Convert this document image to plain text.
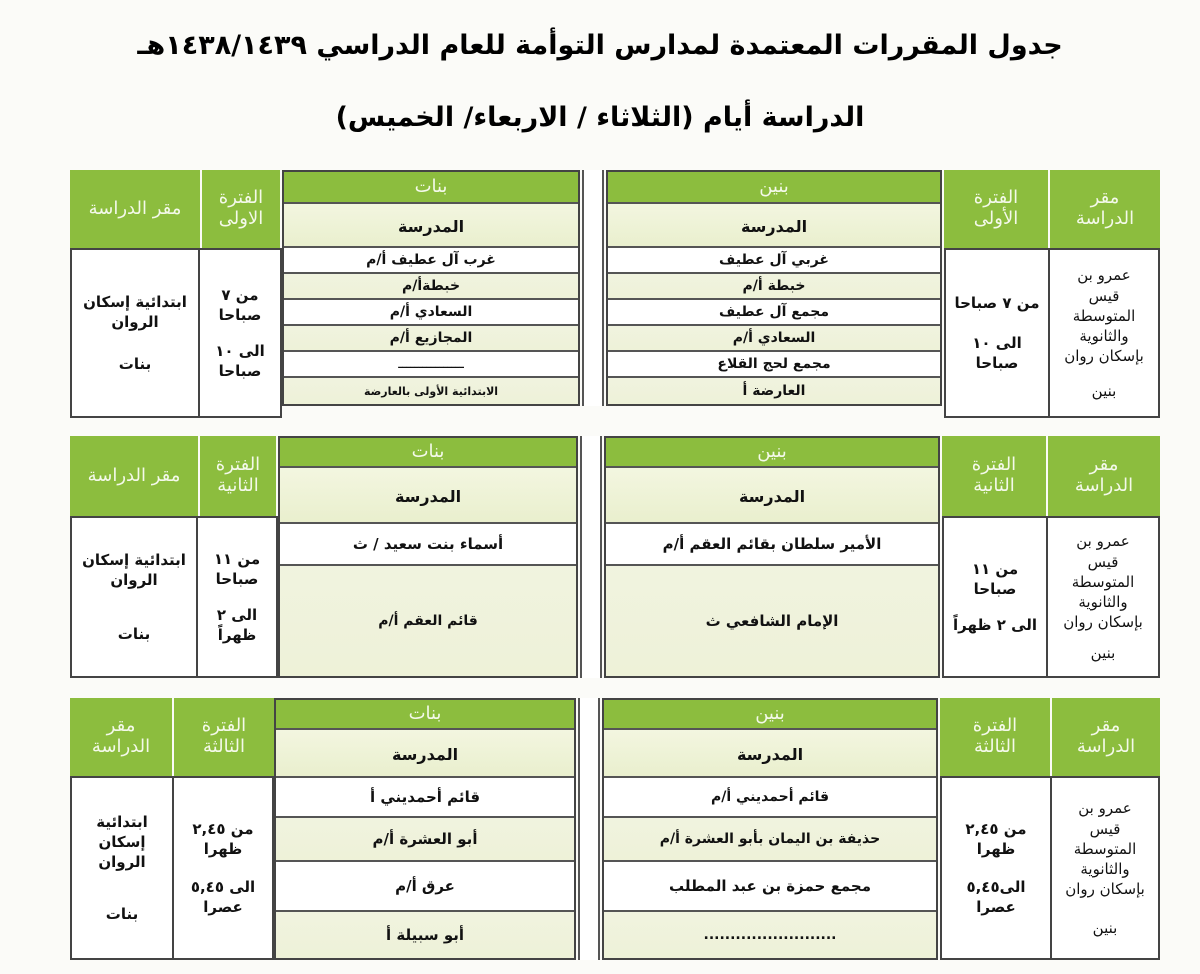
جدول المقررات المعتمدة لمدارس التوأمة للعام الدراسي ١٤٣٨/١٤٣٩هـ
الدراسة أيام (الثلاثاء / الاربعاء/ الخميس)
مقر الدراسة	الفترة الاولى
ابتدائية إسكان
الروان
بنات
من ٧
صباحا
الى ١٠
صباحا
بنات
المدرسة
غرب آل عطيف أ/م
خبطةأ/م
السعادي أ/م
المجازيع أ/م
ــــــــــــــــ
الابتدائية الأولى بالعارضة
بنين
المدرسة
غربي آل عطيف
خبطة أ/م
مجمع آل عطيف
السعادي أ/م
مجمع لحج القلاع
العارضة أ
الفترة الأولى
مقر الدراسة
من ٧ صباحا
الى ١٠
صباحا
عمرو بن
قيس
المتوسطة
والثانوية
بإسكان روان
بنين
مقر الدراسة	الفترة الثانية
ابتدائية إسكان
الروان
بنات
من ١١
صباحا
الى ٢
ظهراً
بنات
المدرسة
أسماء بنت سعيد / ث
قائم العقم أ/م
بنين
المدرسة
الأمير سلطان بقائم العقم أ/م
الإمام الشافعي ث
الفترة الثانية
مقر الدراسة
من ١١
صباحا
الى ٢ ظهراً
عمرو بن
قيس
المتوسطة
والثانوية
بإسكان روان
بنين
مقر الدراسة
الفترة الثالثة
ابتدائية
إسكان
الروان
بنات
من ٢,٤٥
ظهرا
الى ٥,٤٥
عصرا
بنات
المدرسة
قائم أحمديني أ
أبو العشرة أ/م
عرق أ/م
أبو سبيلة أ
بنين
المدرسة
قائم أحمديني أ/م
حذيفة بن اليمان بأبو العشرة أ/م
مجمع حمزة بن عبد المطلب
.........................
الفترة الثالثة
مقر الدراسة
من ٢,٤٥
ظهرا
الى٥,٤٥
عصرا
عمرو بن
قيس
المتوسطة
والثانوية
بإسكان روان
بنين
